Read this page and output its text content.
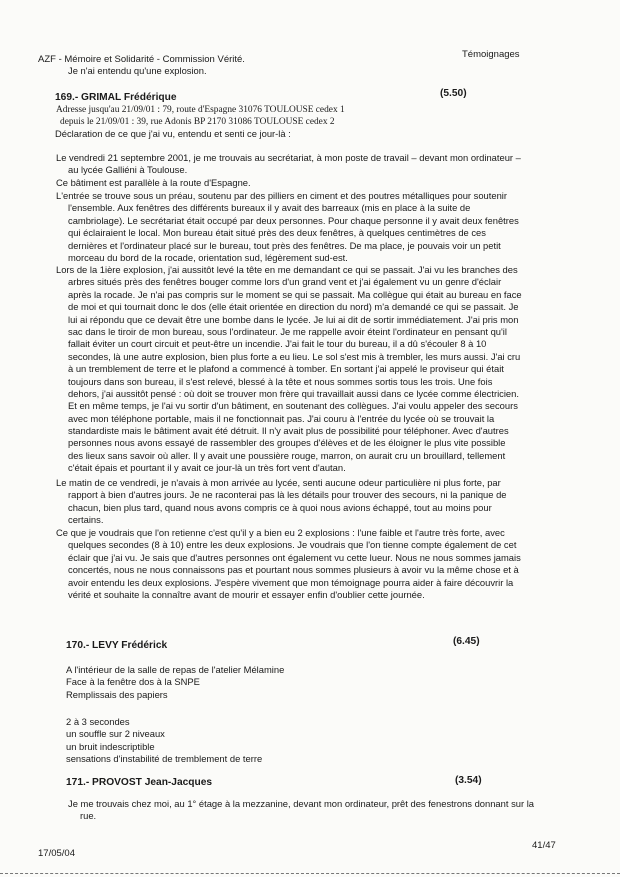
AZF - Mémoire et Solidarité - Commission Vérité.	Témoignages
Je n'ai entendu qu'une explosion.
169.- GRIMAL Frédérique	(5.50)
Adresse jusqu'au 21/09/01 : 79, route d'Espagne 31076 TOULOUSE cedex 1
depuis le 21/09/01 : 39, rue Adonis BP 2170 31086 TOULOUSE cedex 2
Déclaration de ce que j'ai vu, entendu et senti ce jour-là :
Le vendredi 21 septembre 2001, je me trouvais au secrétariat, à mon poste de travail – devant mon ordinateur –
au lycée Galliéni à Toulouse.
Ce bâtiment est parallèle à la route d'Espagne.
L'entrée se trouve sous un préau, soutenu par des pilliers en ciment et des poutres métalliques pour soutenir
l'ensemble. Aux fenêtres des différents bureaux il y avait des barreaux (mis en place à la suite de
cambriolage). Le secrétariat était occupé par deux personnes. Pour chaque personne il y avait deux fenêtres
qui éclairaient le local. Mon bureau était situé près des deux fenêtres, à quelques centimètres de ces
dernières et l'ordinateur placé sur le bureau, tout près des fenêtres. De ma place, je pouvais voir un petit
morceau du bord de la rocade, orientation sud, légèrement sud-est.
Lors de la 1ière explosion, j'ai aussitôt levé la tête en me demandant ce qui se passait. J'ai vu les branches des
arbres situés près des fenêtres bouger comme lors d'un grand vent et j'ai également vu un genre d'éclair
après la rocade. Je n'ai pas compris sur le moment se qui se passait. Ma collègue qui était au bureau en face
de moi et qui tournait donc le dos (elle était orientée en direction du nord) m'a demandé ce qui se passait. Je
lui ai répondu que ce devait être une bombe dans le lycée. Je lui ai dit de sortir immédiatement. J'ai pris mon
sac dans le tiroir de mon bureau, sous l'ordinateur. Je me rappelle avoir éteint l'ordinateur en pensant qu'il
fallait éviter un court circuit et peut-être un incendie. J'ai fait le tour du bureau, il a dû s'écouler 8 à 10
secondes, là une autre explosion, bien plus forte a eu lieu. Le sol s'est mis à trembler, les murs aussi. J'ai cru
à un tremblement de terre et le plafond a commencé à tomber. En sortant j'ai appelé le proviseur qui était
toujours dans son bureau, il s'est relevé, blessé à la tête et nous sommes sortis tous les trois. Une fois
dehors, j'ai aussitôt pensé : où doit se trouver mon frère qui travaillait aussi dans ce lycée comme électricien.
Et en même temps, je l'ai vu sortir d'un bâtiment, en soutenant des collègues. J'ai voulu appeler des secours
avec mon téléphone portable, mais il ne fonctionnait pas. J'ai couru à l'entrée du lycée où se trouvait la
standardiste mais le bâtiment avait été détruit. Il n'y avait plus de possibilité pour téléphoner. Avec d'autres
personnes nous avons essayé de rassembler des groupes d'élèves et de les éloigner le plus vite possible
des lieux sans savoir où aller. Il y avait une poussière rouge, marron, on aurait cru un brouillard, tellement
c'était épais et pourtant il y avait ce jour-là un très fort vent d'autan.
Le matin de ce vendredi, je n'avais à mon arrivée au lycée, senti aucune odeur particulière ni plus forte, par
rapport à bien d'autres jours. Je ne raconterai pas là les détails pour trouver des secours, ni la panique de
chacun, bien plus tard, quand nous avons compris ce à quoi nous avions échappé, tout au moins pour
certains.
Ce que je voudrais que l'on retienne c'est qu'il y a bien eu 2 explosions : l'une faible et l'autre très forte, avec
quelques secondes (8 à 10) entre les deux explosions. Je voudrais que l'on tienne compte également de cet
éclair que j'ai vu. Je sais que d'autres personnes ont également vu cette lueur. Nous ne nous sommes jamais
concertés, nous ne nous connaissons pas et pourtant nous sommes plusieurs à avoir vu la même chose et à
avoir entendu les deux explosions. J'espère vivement que mon témoignage pourra aider à faire découvrir la
vérité et souhaite la connaître avant de mourir et essayer enfin d'oublier cette journée.
170.- LEVY Frédérick	(6.45)
A l'intérieur de la salle de repas de l'atelier Mélamine
Face à la fenêtre dos à la SNPE
Remplissais des papiers
2 à 3 secondes
un souffle sur 2 niveaux
un bruit indescriptible
sensations d'instabilité de tremblement de terre
171.- PROVOST Jean-Jacques	(3.54)
Je me trouvais chez moi, au 1° étage à la mezzanine, devant mon ordinateur, prêt des fenestrons donnant sur la
rue.
41/47
17/05/04
